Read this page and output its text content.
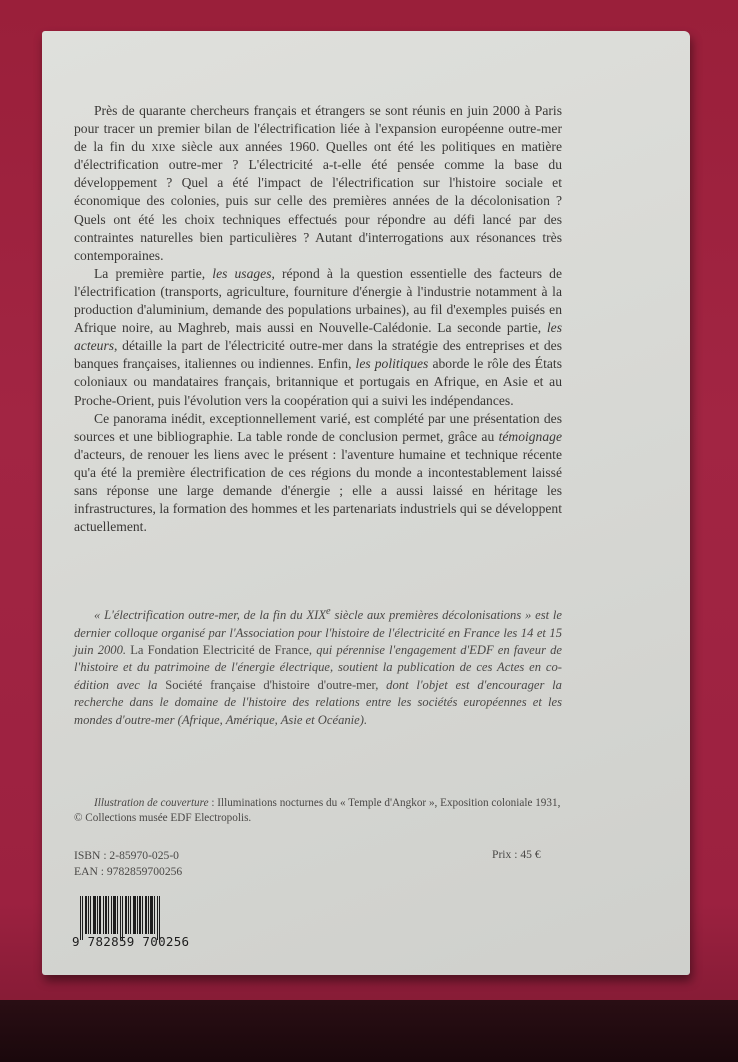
Près de quarante chercheurs français et étrangers se sont réunis en juin 2000 à Paris pour tracer un premier bilan de l'électrification liée à l'expansion européenne outre-mer de la fin du xixe siècle aux années 1960. Quelles ont été les politiques en matière d'électrification outre-mer ? L'électricité a-t-elle été pensée comme la base du développement ? Quel a été l'impact de l'électrification sur l'histoire sociale et économique des colonies, puis sur celle des premières années de la décolonisation ? Quels ont été les choix techniques effectués pour répondre au défi lancé par des contraintes naturelles bien particulières ? Autant d'interrogations aux résonances très contemporaines.

La première partie, les usages, répond à la question essentielle des facteurs de l'électrification (transports, agriculture, fourniture d'énergie à l'industrie notamment à la production d'aluminium, demande des populations urbaines), au fil d'exemples puisés en Afrique noire, au Maghreb, mais aussi en Nouvelle-Calédonie. La seconde partie, les acteurs, détaille la part de l'électricité outre-mer dans la stratégie des entreprises et des banques françaises, italiennes ou indiennes. Enfin, les politiques aborde le rôle des États coloniaux ou mandataires français, britannique et portugais en Afrique, en Asie et au Proche-Orient, puis l'évolution vers la coopération qui a suivi les indépendances.

Ce panorama inédit, exceptionnellement varié, est complété par une présentation des sources et une bibliographie. La table ronde de conclusion permet, grâce au témoignage d'acteurs, de renouer les liens avec le présent : l'aventure humaine et technique récente qu'a été la première électrification de ces régions du monde a incontestablement laissé sans réponse une large demande d'énergie ; elle a aussi laissé en héritage les infrastructures, la formation des hommes et les partenariats industriels qui se développent actuellement.

« L'électrification outre-mer, de la fin du XIXe siècle aux premières décolonisations » est le dernier colloque organisé par l'Association pour l'histoire de l'électricité en France les 14 et 15 juin 2000. La Fondation Electricité de France, qui pérennise l'engagement d'EDF en faveur de l'histoire et du patrimoine de l'énergie électrique, soutient la publication de ces Actes en co-édition avec la Société française d'histoire d'outre-mer, dont l'objet est d'encourager la recherche dans le domaine de l'histoire des relations entre les sociétés européennes et les mondes d'outre-mer (Afrique, Amérique, Asie et Océanie).

Illustration de couverture : Illuminations nocturnes du « Temple d'Angkor », Exposition coloniale 1931, © Collections musée EDF Electropolis.

ISBN : 2-85970-025-0
EAN : 9782859700256
Prix : 45 €
9 782859 700256
